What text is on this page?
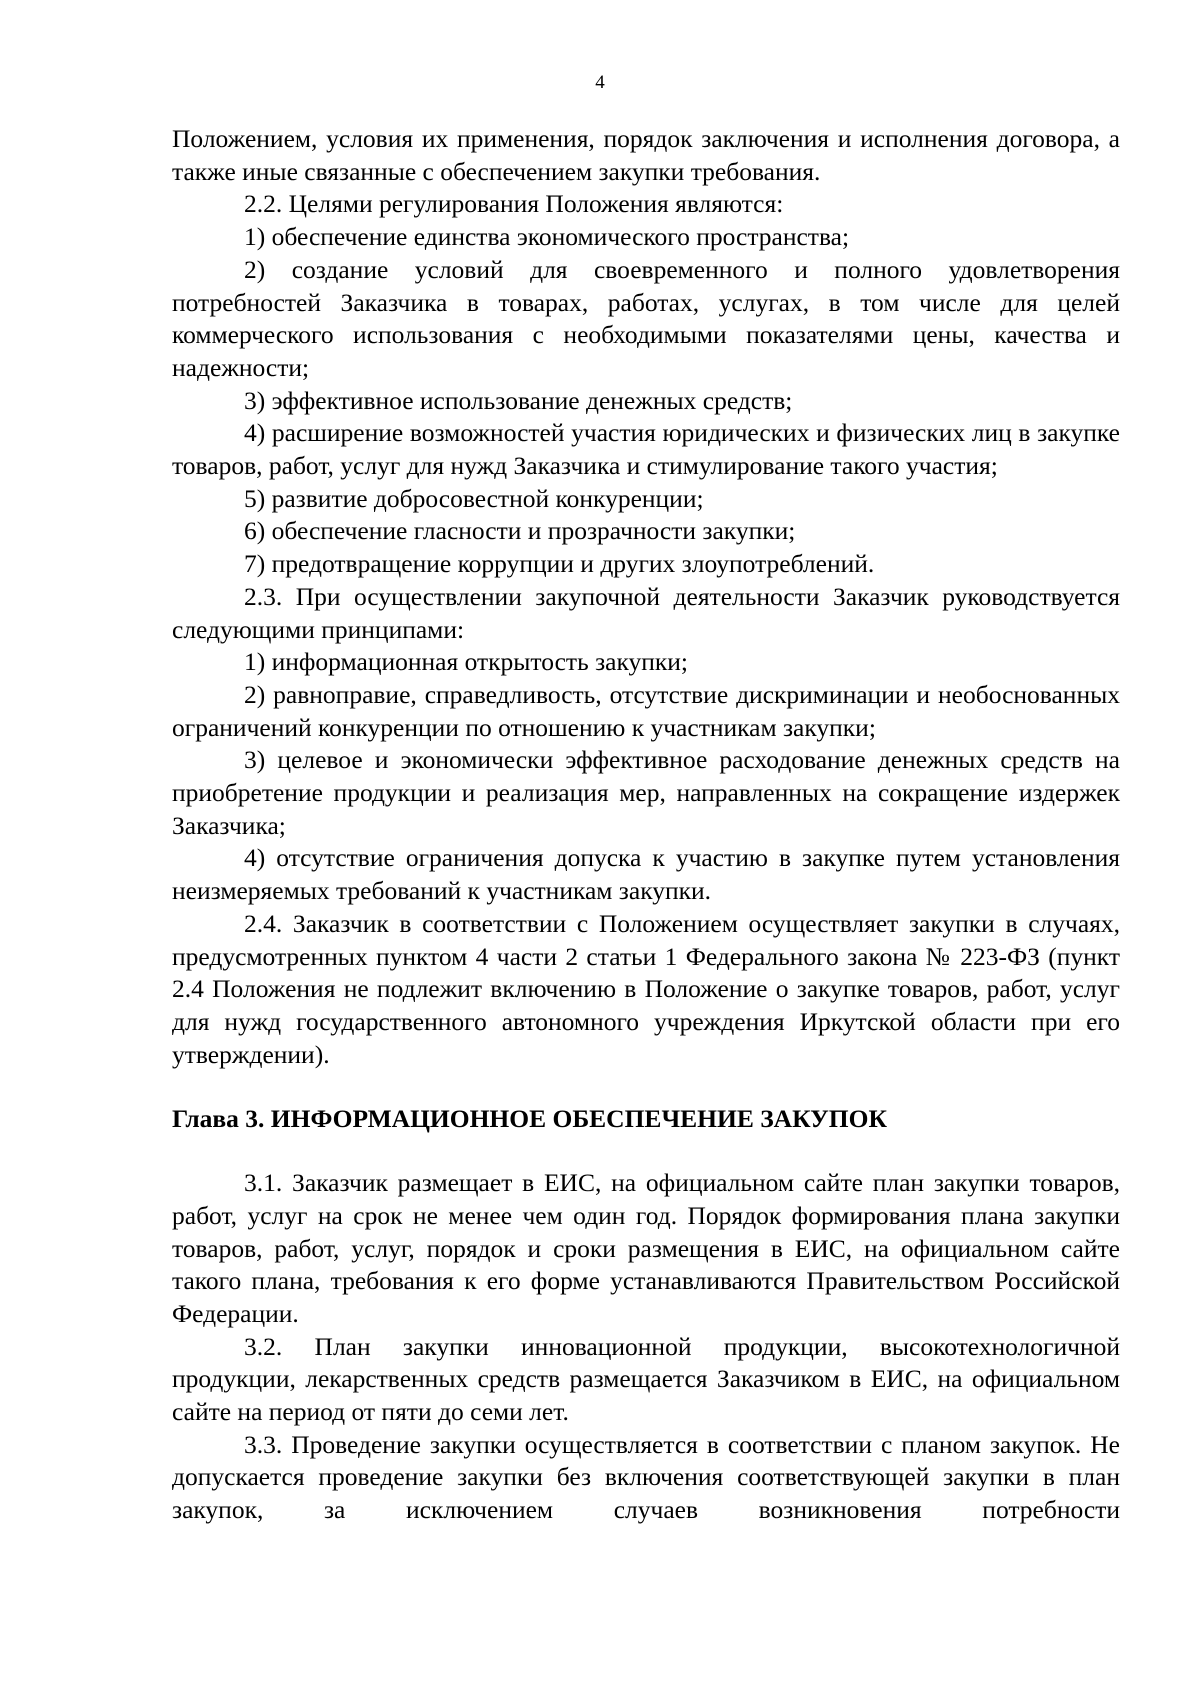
4

Положением, условия их применения, порядок заключения и исполнения договора, а также иные связанные с обеспечением закупки требования.

2.2. Целями регулирования Положения являются:

1) обеспечение единства экономического пространства;

2) создание условий для своевременного и полного удовлетворения потребностей Заказчика в товарах, работах, услугах, в том числе для целей коммерческого использования с необходимыми показателями цены, качества и надежности;

3) эффективное использование денежных средств;

4) расширение возможностей участия юридических и физических лиц в закупке товаров, работ, услуг для нужд Заказчика и стимулирование такого участия;

5) развитие добросовестной конкуренции;

6) обеспечение гласности и прозрачности закупки;

7) предотвращение коррупции и других злоупотреблений.

2.3. При осуществлении закупочной деятельности Заказчик руководствуется следующими принципами:

1) информационная открытость закупки;

2) равноправие, справедливость, отсутствие дискриминации и необоснованных ограничений конкуренции по отношению к участникам закупки;

3) целевое и экономически эффективное расходование денежных средств на приобретение продукции и реализация мер, направленных на сокращение издержек Заказчика;

4) отсутствие ограничения допуска к участию в закупке путем установления неизмеряемых требований к участникам закупки.

2.4. Заказчик в соответствии с Положением осуществляет закупки в случаях, предусмотренных пунктом 4 части 2 статьи 1 Федерального закона № 223-ФЗ (пункт 2.4 Положения не подлежит включению в Положение о закупке товаров, работ, услуг для нужд государственного автономного учреждения Иркутской области при его утверждении).

Глава 3. ИНФОРМАЦИОННОЕ ОБЕСПЕЧЕНИЕ ЗАКУПОК

3.1. Заказчик размещает в ЕИС, на официальном сайте план закупки товаров, работ, услуг на срок не менее чем один год. Порядок формирования плана закупки товаров, работ, услуг, порядок и сроки размещения в ЕИС, на официальном сайте такого плана, требования к его форме устанавливаются Правительством Российской Федерации.

3.2. План закупки инновационной продукции, высокотехнологичной продукции, лекарственных средств размещается Заказчиком в ЕИС, на официальном сайте на период от пяти до семи лет.

3.3. Проведение закупки осуществляется в соответствии с планом закупок. Не допускается проведение закупки без включения соответствующей закупки в план закупок, за исключением случаев возникновения потребности
